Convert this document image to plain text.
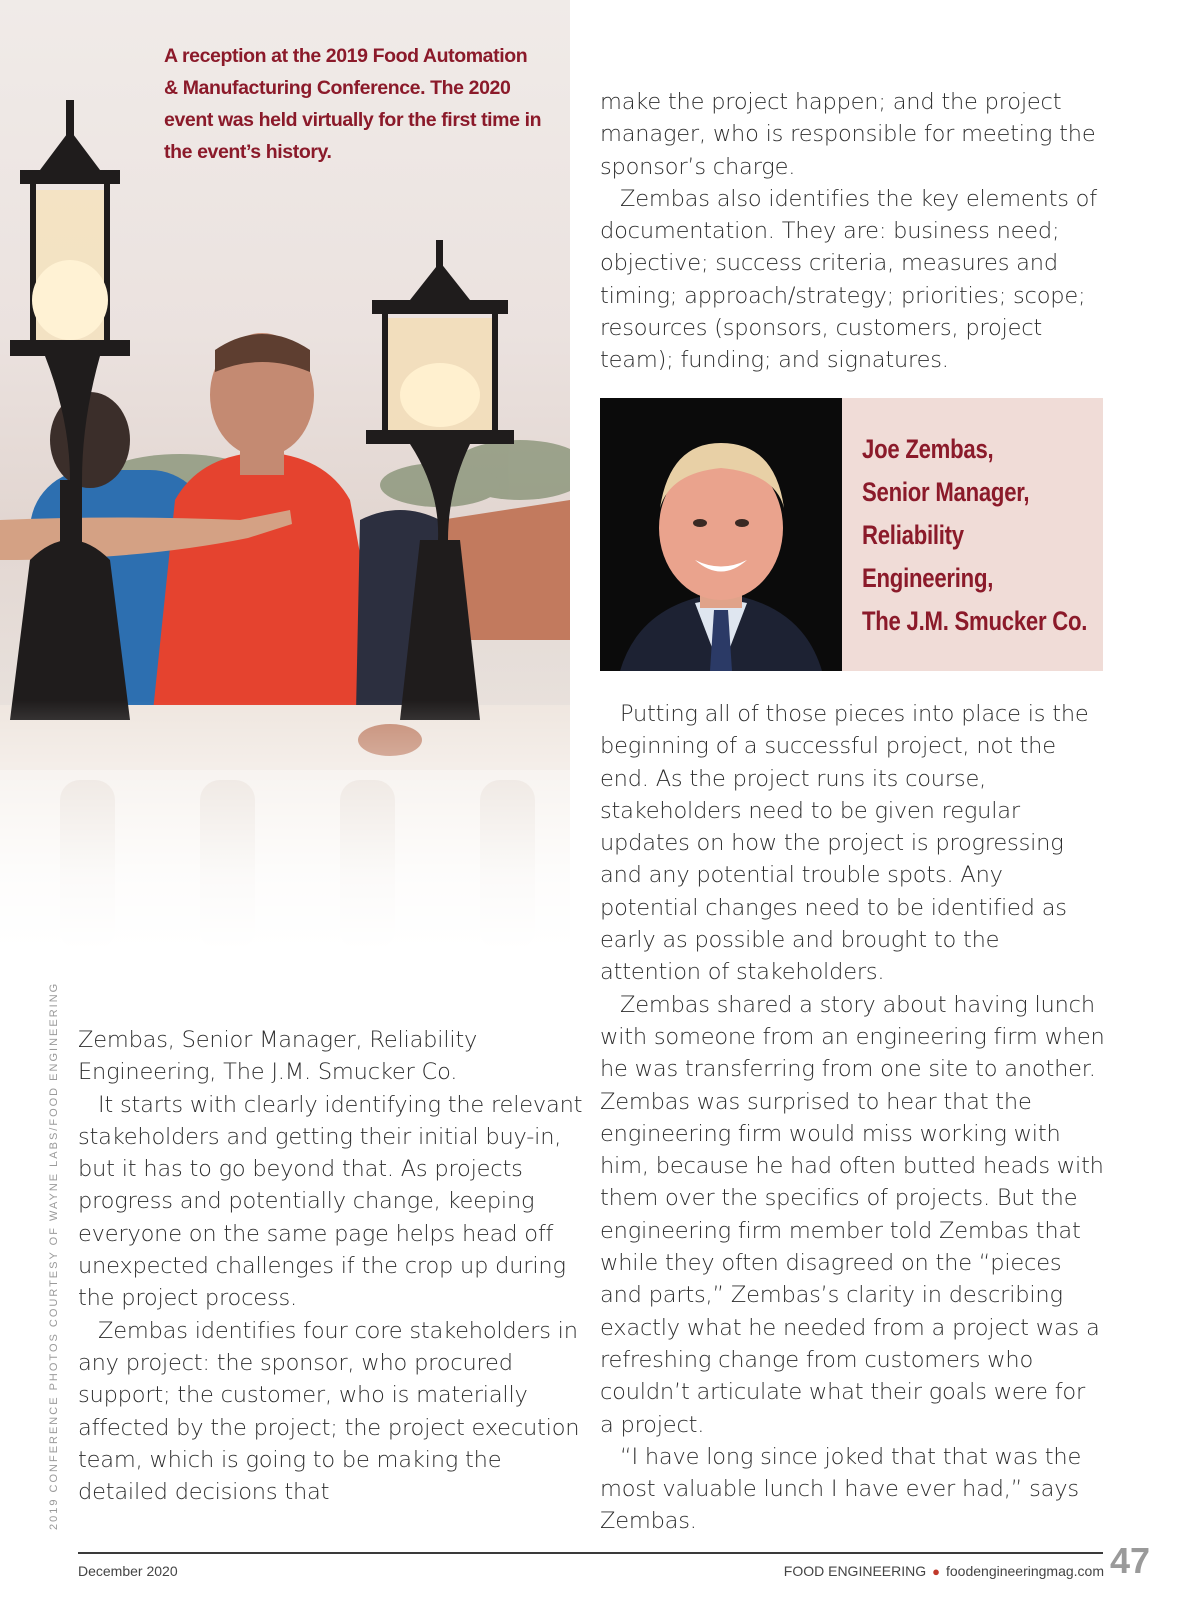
A reception at the 2019 Food Automation & Manufacturing Conference. The 2020 event was held virtually for the first time in the event’s history.

Zembas, Senior Manager, Reliability Engineering, The J.M. Smucker Co.

It starts with clearly identifying the relevant stakeholders and getting their initial buy-in, but it has to go beyond that. As projects progress and potentially change, keeping everyone on the same page helps head off unexpected challenges if the crop up during the project process.

Zembas identifies four core stakeholders in any project: the sponsor, who procured support; the customer, who is materially affected by the project; the project execution team, which is going to be making the detailed decisions that

make the project happen; and the project manager, who is responsible for meeting the sponsor’s charge.

Zembas also identifies the key elements of documentation. They are: business need; objective; success criteria, measures and timing; approach/strategy; priorities; scope; resources (sponsors, customers, project team); funding; and signatures.

Joe Zembas,
Senior Manager,
Reliability
Engineering,
The J.M. Smucker Co.

Putting all of those pieces into place is the beginning of a successful project, not the end. As the project runs its course, stakeholders need to be given regular updates on how the project is progressing and any potential trouble spots. Any potential changes need to be identified as early as possible and brought to the attention of stakeholders.

Zembas shared a story about having lunch with someone from an engineering firm when he was transferring from one site to another. Zembas was surprised to hear that the engineering firm would miss working with him, because he had often butted heads with them over the specifics of projects. But the engineering firm member told Zembas that while they often disagreed on the “pieces and parts,” Zembas’s clarity in describing exactly what he needed from a project was a refreshing change from customers who couldn’t articulate what their goals were for a project.

“I have long since joked that that was the most valuable lunch I have ever had,” says Zembas.

2019 CONFERENCE PHOTOS COURTESY OF WAYNE LABS/FOOD ENGINEERING
December 2020	FOOD ENGINEERING ● foodengineeringmag.com 47
